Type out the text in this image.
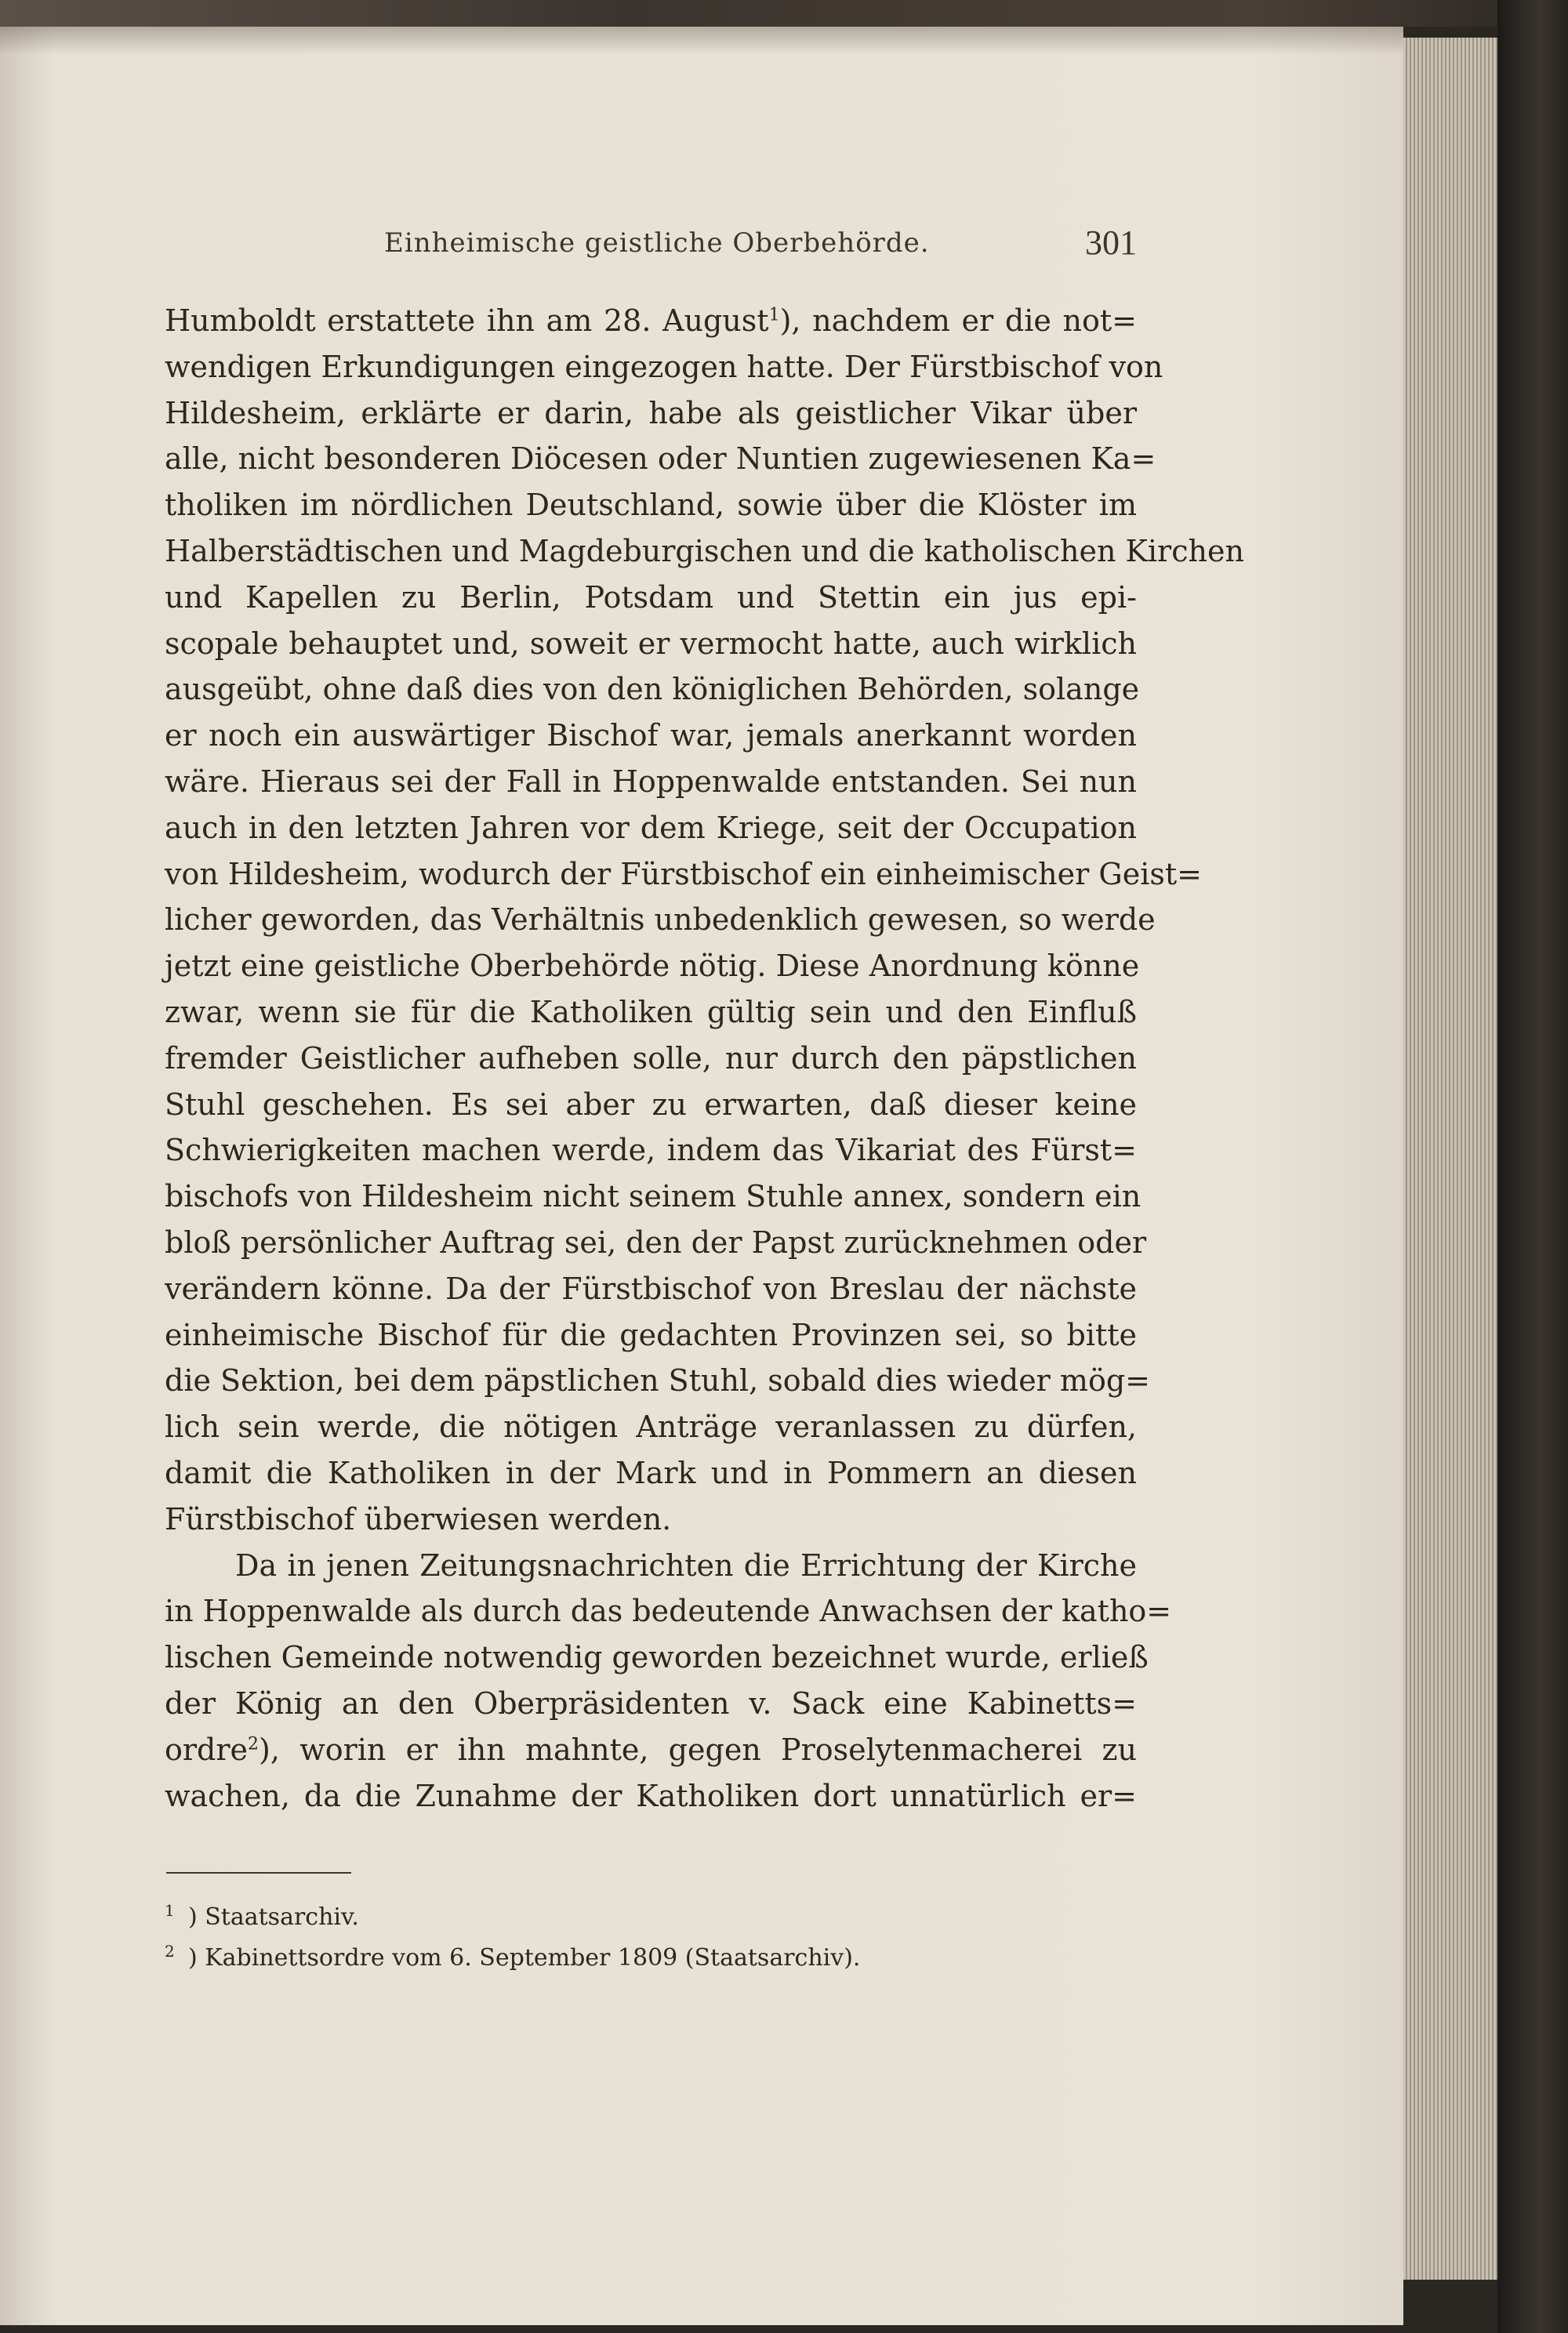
Einheimische geistliche Oberbehörde.	301
Humboldt erstattete ihn am 28. August$^1$), nachdem er die not=
wendigen Erkundigungen eingezogen hatte. Der Fürstbischof von
Hildesheim, erklärte er darin, habe als geistlicher Vikar über
alle, nicht besonderen Diöcesen oder Nuntien zugewiesenen Ka=
tholiken im nördlichen Deutschland, sowie über die Klöster im
Halberstädtischen und Magdeburgischen und die katholischen Kirchen
und Kapellen zu Berlin, Potsdam und Stettin ein jus epi-
scopale behauptet und, soweit er vermocht hatte, auch wirklich
ausgeübt, ohne daß dies von den königlichen Behörden, solange
er noch ein auswärtiger Bischof war, jemals anerkannt worden
wäre. Hieraus sei der Fall in Hoppenwalde entstanden. Sei nun
auch in den letzten Jahren vor dem Kriege, seit der Occupation
von Hildesheim, wodurch der Fürstbischof ein einheimischer Geist=
licher geworden, das Verhältnis unbedenklich gewesen, so werde
jetzt eine geistliche Oberbehörde nötig. Diese Anordnung könne
zwar, wenn sie für die Katholiken gültig sein und den Einfluß
fremder Geistlicher aufheben solle, nur durch den päpstlichen
Stuhl geschehen. Es sei aber zu erwarten, daß dieser keine
Schwierigkeiten machen werde, indem das Vikariat des Fürst=
bischofs von Hildesheim nicht seinem Stuhle annex, sondern ein
bloß persönlicher Auftrag sei, den der Papst zurücknehmen oder
verändern könne. Da der Fürstbischof von Breslau der nächste
einheimische Bischof für die gedachten Provinzen sei, so bitte
die Sektion, bei dem päpstlichen Stuhl, sobald dies wieder mög=
lich sein werde, die nötigen Anträge veranlassen zu dürfen,
damit die Katholiken in der Mark und in Pommern an diesen
Fürstbischof überwiesen werden.
Da in jenen Zeitungsnachrichten die Errichtung der Kirche
in Hoppenwalde als durch das bedeutende Anwachsen der katho=
lischen Gemeinde notwendig geworden bezeichnet wurde, erließ
der König an den Oberpräsidenten v. Sack eine Kabinetts=
ordre$^2$), worin er ihn mahnte, gegen Proselytenmacherei zu
wachen, da die Zunahme der Katholiken dort unnatürlich er=
1 ) Staatsarchiv.
2 ) Kabinettsordre vom 6. September 1809 (Staatsarchiv).
